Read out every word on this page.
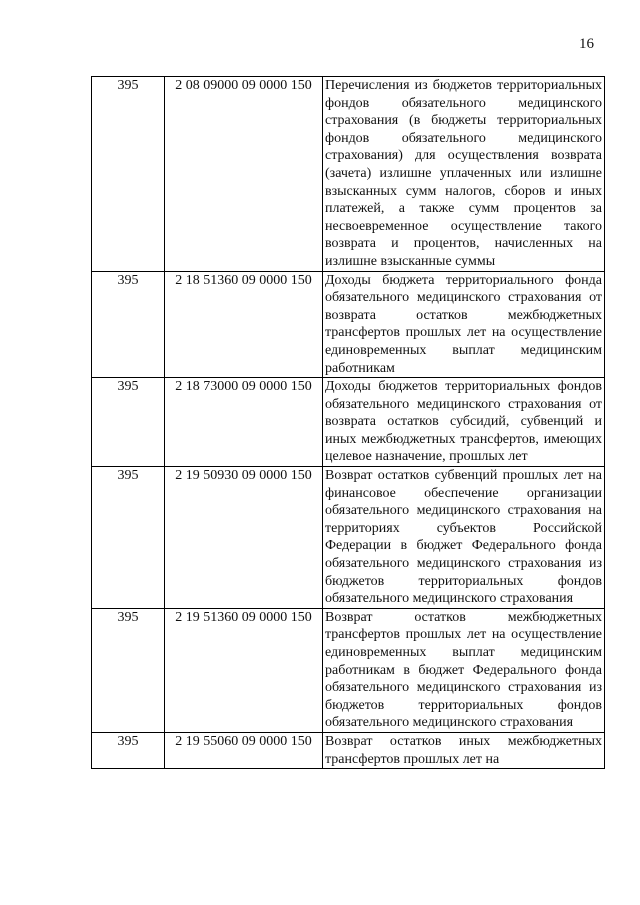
16
395	2 08 09000 09 0000 150	Перечисления из бюджетов территориальных фондов обязательного медицинского страхования (в бюджеты территориальных фондов обязательного медицинского страхования) для осуществления возврата (зачета) излишне уплаченных или излишне взысканных сумм налогов, сборов и иных платежей, а также сумм процентов за несвоевременное осуществление такого возврата и процентов, начисленных на излишне взысканные суммы
395	2 18 51360 09 0000 150	Доходы бюджета территориального фонда обязательного медицинского страхования от возврата остатков межбюджетных трансфертов прошлых лет на осуществление единовременных выплат медицинским работникам
395	2 18 73000 09 0000 150	Доходы бюджетов территориальных фондов обязательного медицинского страхования от возврата остатков субсидий, субвенций и иных межбюджетных трансфертов, имеющих целевое назначение, прошлых лет
395	2 19 50930 09 0000 150	Возврат остатков субвенций прошлых лет на финансовое обеспечение организации обязательного медицинского страхования на территориях субъектов Российской Федерации в бюджет Федерального фонда обязательного медицинского страхования из бюджетов территориальных фондов обязательного медицинского страхования
395	2 19 51360 09 0000 150	Возврат остатков межбюджетных трансфертов прошлых лет на осуществление единовременных выплат медицинским работникам в бюджет Федерального фонда обязательного медицинского страхования из бюджетов территориальных фондов обязательного медицинского страхования
395	2 19 55060 09 0000 150	Возврат остатков иных межбюджетных трансфертов прошлых лет на
